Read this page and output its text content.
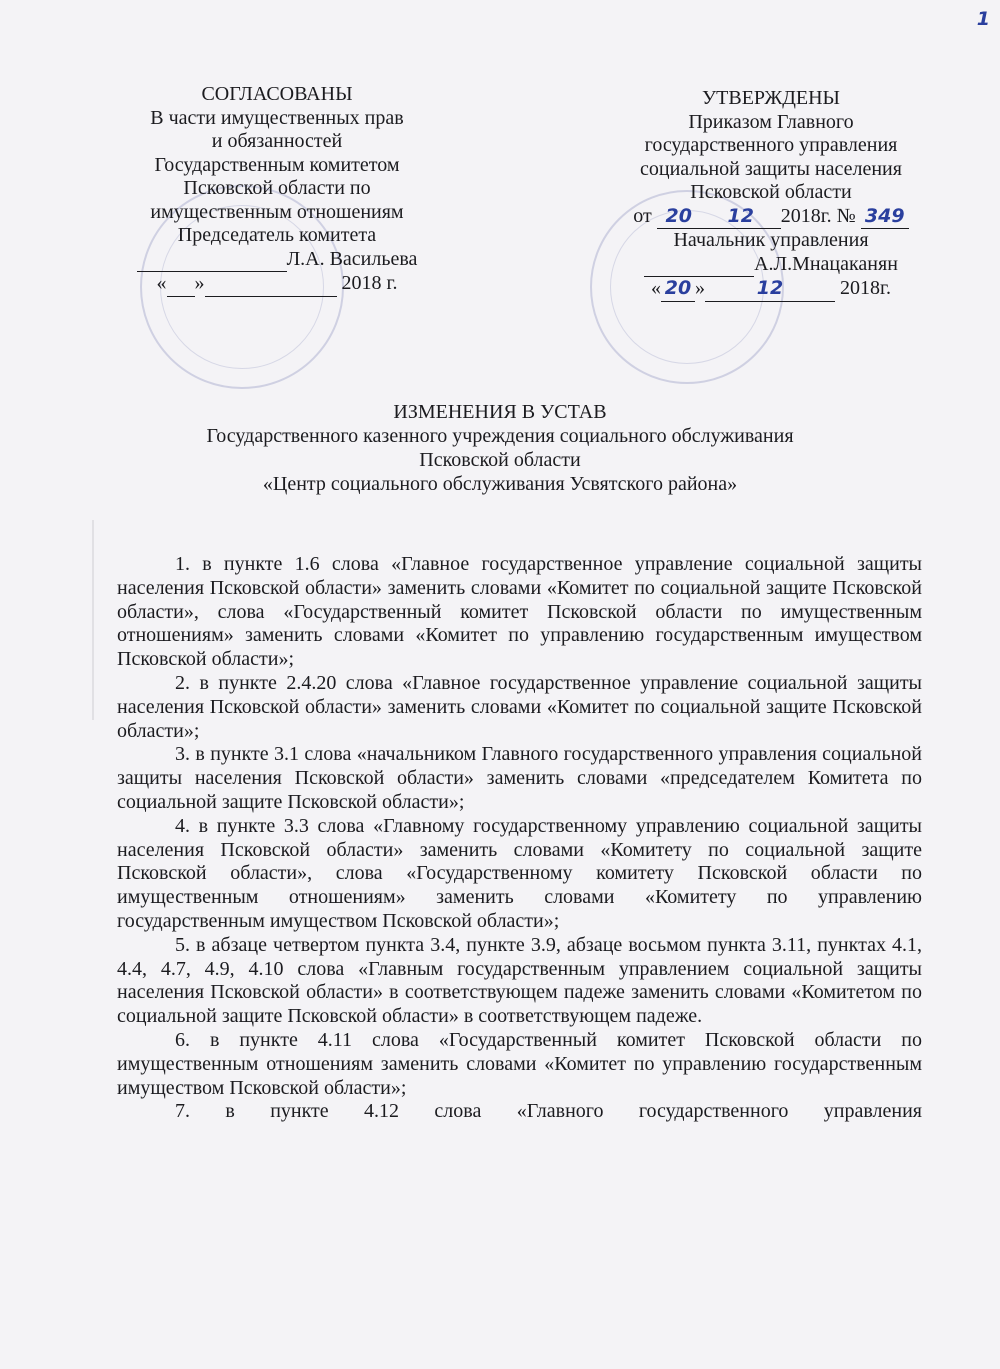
1
СОГЛАСОВАНЫ
В части имущественных прав
и обязанностей
Государственным комитетом
Псковской области по
имущественным отношениям
Председатель комитета
Л.А. Васильева
« »	2018 г.
УТВЕРЖДЕНЫ
Приказом Главного
государственного управления
социальной защиты населения
Псковской области
от 20 12 2018г. № 349
Начальник управления
А.Л.Мнацаканян
« 20 »	12	2018г.
ИЗМЕНЕНИЯ В УСТАВ
Государственного казенного учреждения социального обслуживания
Псковской области
«Центр социального обслуживания Усвятского района»

1. в пункте 1.6 слова «Главное государственное управление социальной защиты населения Псковской области» заменить словами «Комитет по социальной защите Псковской области», слова «Государственный комитет Псковской области по имущественным отношениям» заменить словами «Комитет по управлению государственным имуществом Псковской области»;

2. в пункте 2.4.20 слова «Главное государственное управление социальной защиты населения Псковской области» заменить словами «Комитет по социальной защите Псковской области»;

3. в пункте 3.1 слова «начальником Главного государственного управления социальной защиты населения Псковской области» заменить словами «председателем Комитета по социальной защите Псковской области»;

4. в пункте 3.3 слова «Главному государственному управлению социальной защиты населения Псковской области» заменить словами «Комитету по социальной защите Псковской области», слова «Государственному комитету Псковской области по имущественным отношениям» заменить словами «Комитету по управлению государственным имуществом Псковской области»;

5. в абзаце четвертом пункта 3.4, пункте 3.9, абзаце восьмом пункта 3.11, пунктах 4.1, 4.4, 4.7, 4.9, 4.10 слова «Главным государственным управлением социальной защиты населения Псковской области» в соответствующем падеже заменить словами «Комитетом по социальной защите Псковской области» в соответствующем падеже.

6. в пункте 4.11 слова «Государственный комитет Псковской области по имущественным отношениям заменить словами «Комитет по управлению государственным имуществом Псковской области»;

7. в пункте 4.12 слова «Главного государственного управления
